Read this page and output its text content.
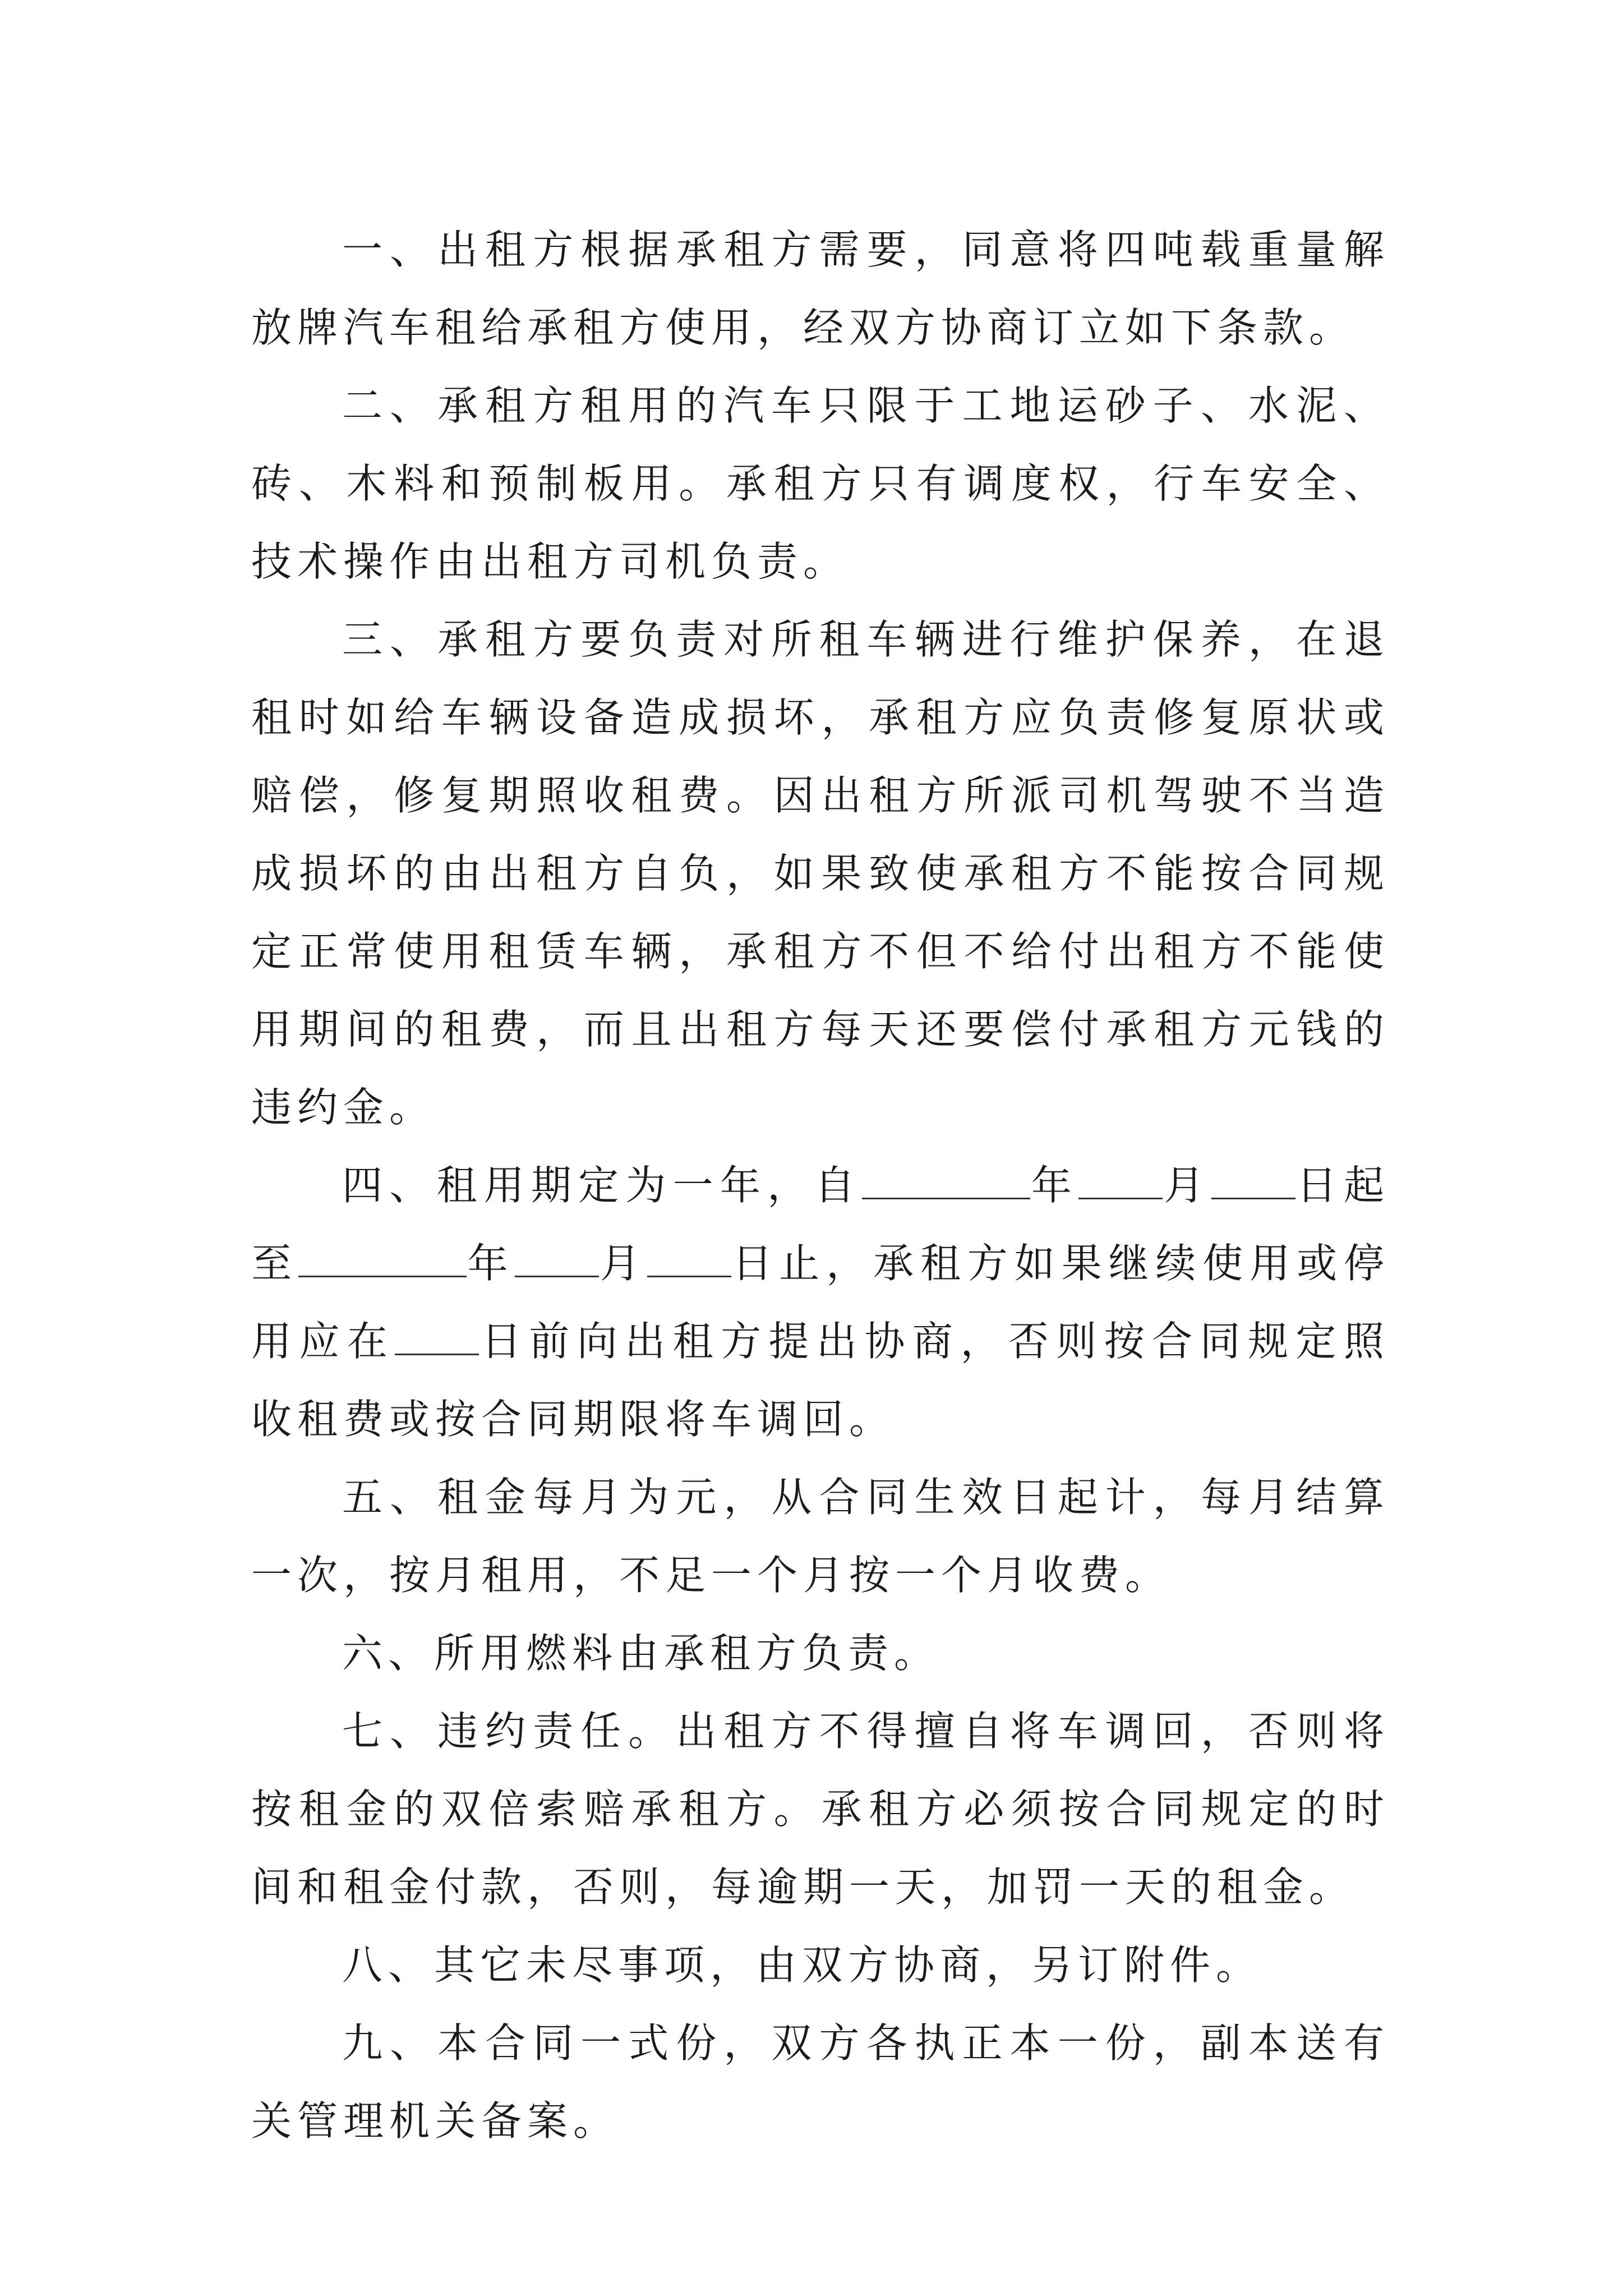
一、出租方根据承租方需要，同意将四吨载重量解放牌汽车租给承租方使用，经双方协商订立如下条款。

二、承租方租用的汽车只限于工地运砂子、水泥、砖、木料和预制板用。承租方只有调度权，行车安全、技术操作由出租方司机负责。

三、承租方要负责对所租车辆进行维护保养，在退租时如给车辆设备造成损坏，承租方应负责修复原状或赔偿，修复期照收租费。因出租方所派司机驾驶不当造成损坏的由出租方自负，如果致使承租方不能按合同规定正常使用租赁车辆，承租方不但不给付出租方不能使用期间的租费，而且出租方每天还要偿付承租方元钱的违约金。

四、租用期定为一年，自	年 月 日起至	年 月 日止，承租方如果继续使用或停用应在 日前向出租方提出协商，否则按合同规定照收租费或按合同期限将车调回。

五、租金每月为元，从合同生效日起计，每月结算一次，按月租用，不足一个月按一个月收费。

六、所用燃料由承租方负责。

七、违约责任。出租方不得擅自将车调回，否则将按租金的双倍索赔承租方。承租方必须按合同规定的时间和租金付款，否则，每逾期一天，加罚一天的租金。

八、其它未尽事项，由双方协商，另订附件。

九、本合同一式份，双方各执正本一份，副本送有关管理机关备案。
